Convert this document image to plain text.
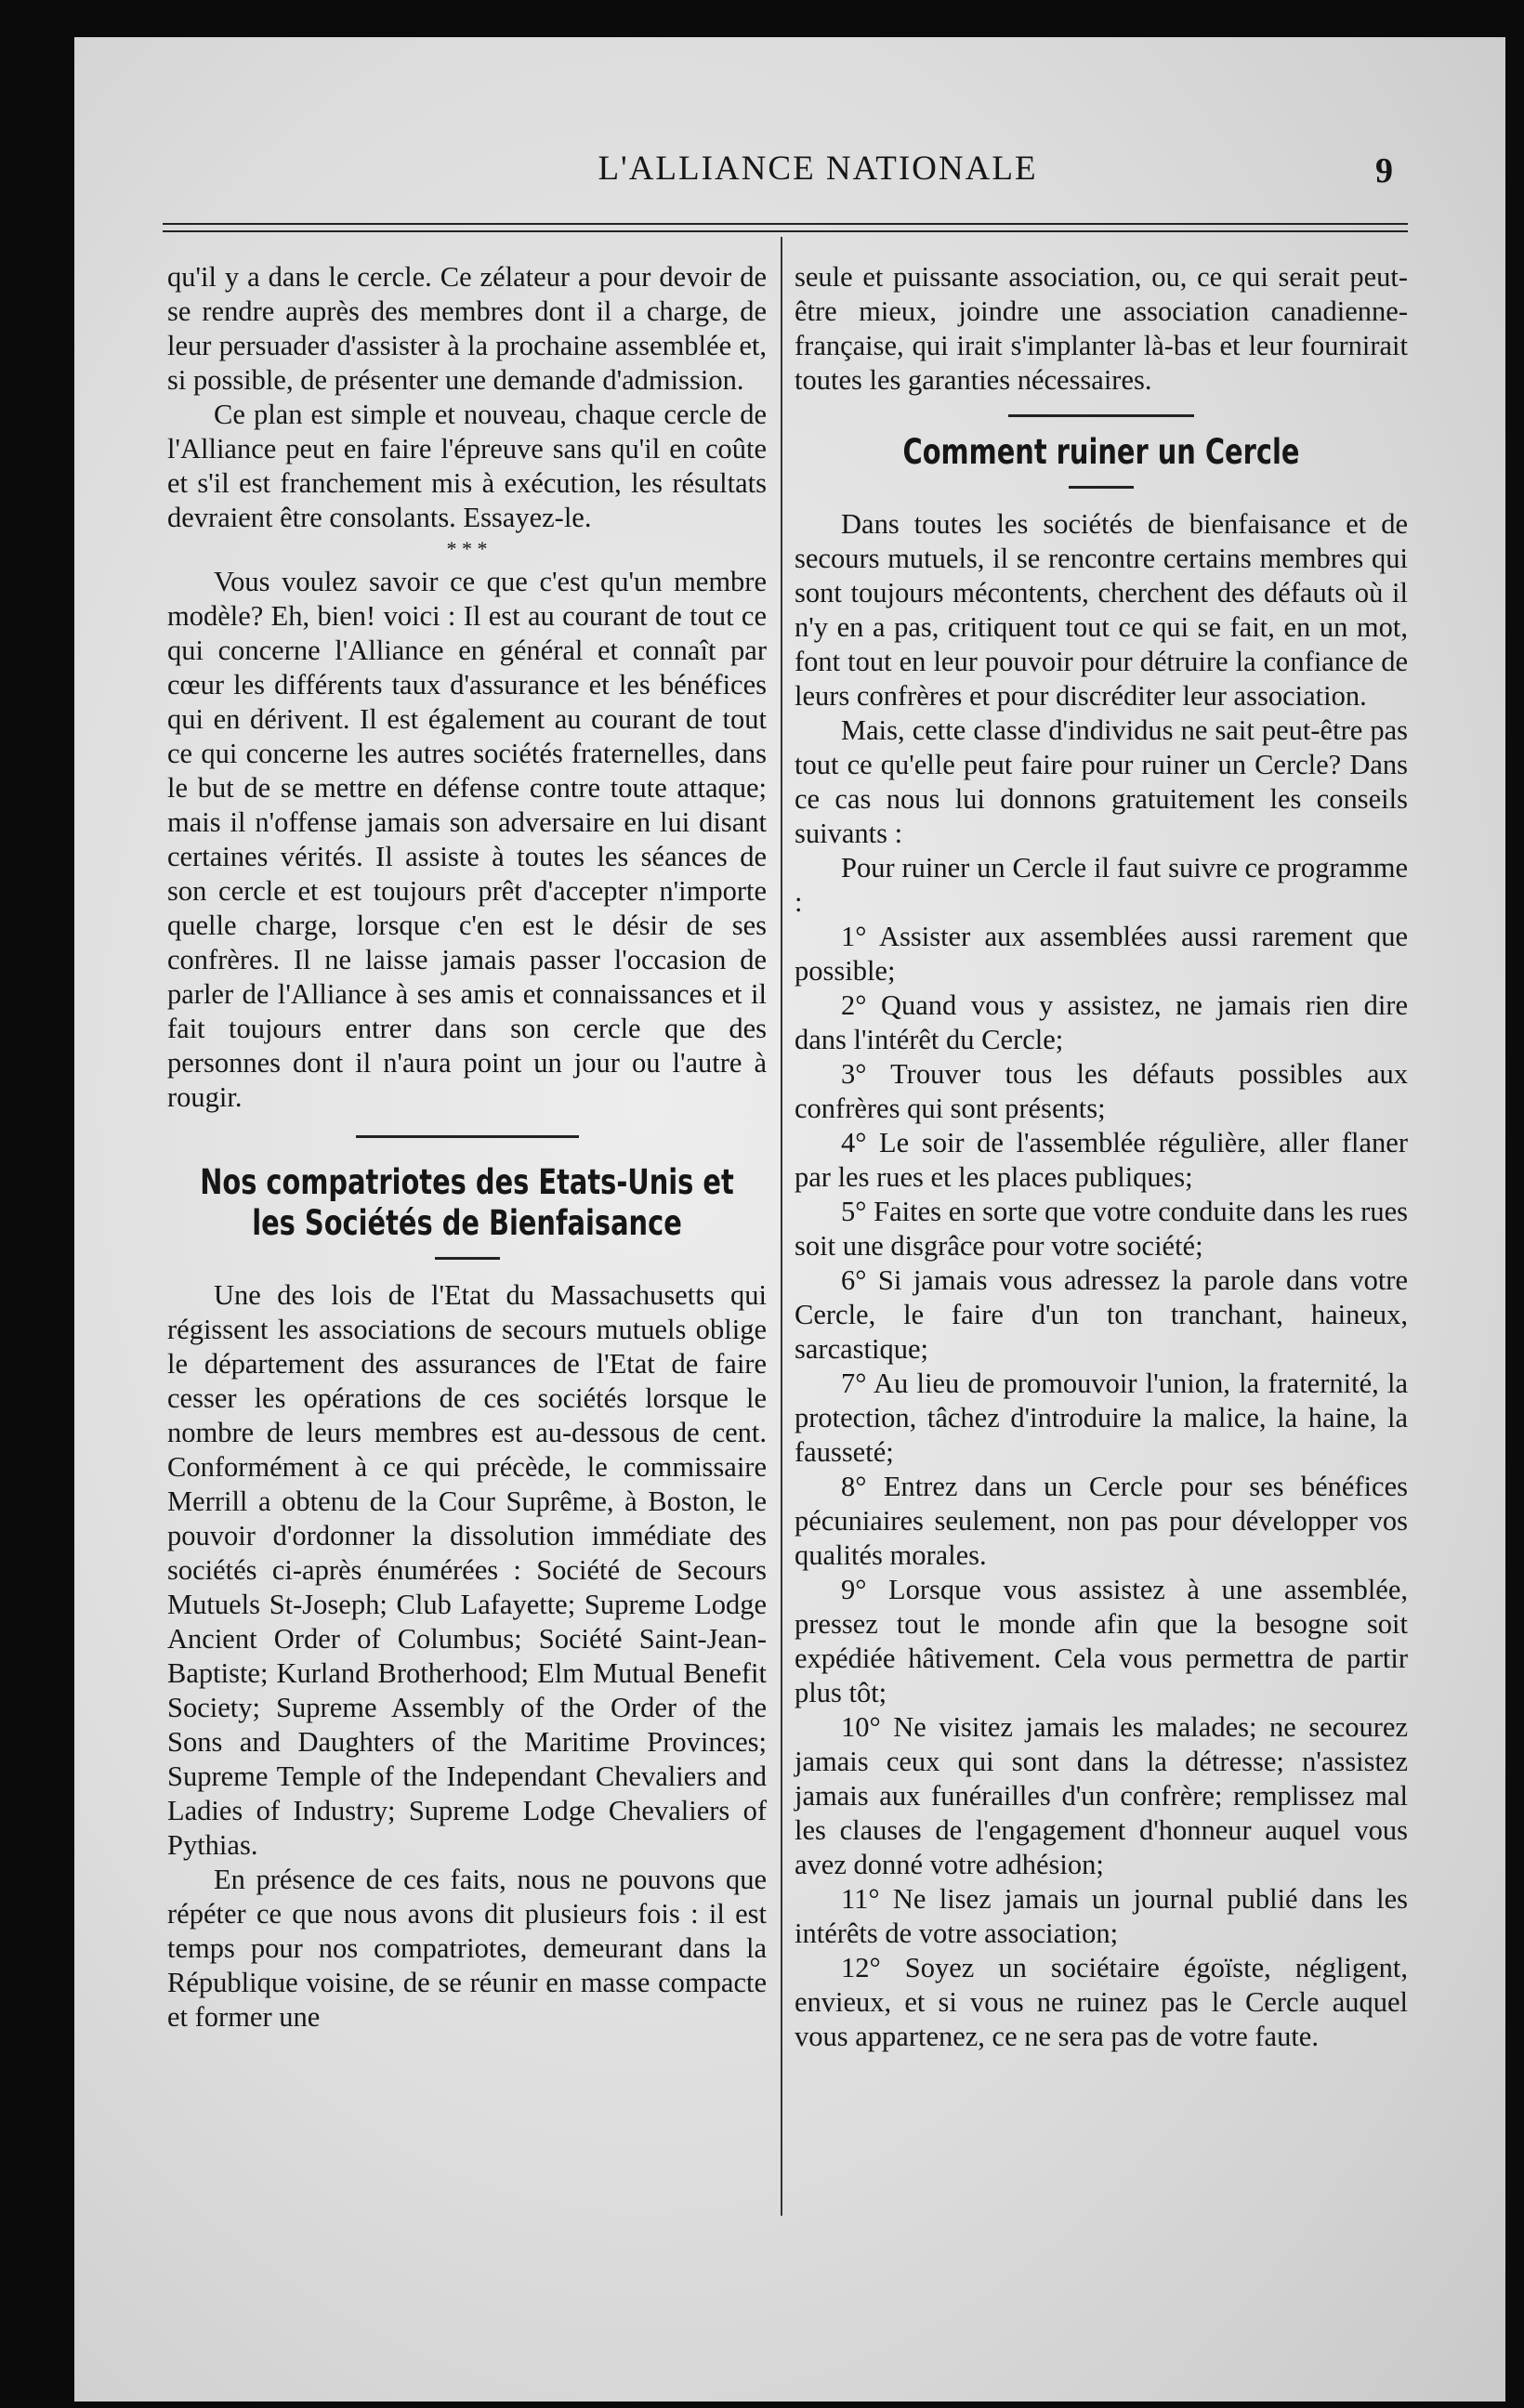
L'ALLIANCE NATIONALE	9

qu'il y a dans le cercle. Ce zélateur a pour devoir de se rendre auprès des membres dont il a charge, de leur persuader d'assister à la prochaine assemblée et, si possible, de présenter une demande d'admission.

Ce plan est simple et nouveau, chaque cercle de l'Alliance peut en faire l'épreuve sans qu'il en coûte et s'il est franchement mis à exécution, les résultats devraient être consolants. Essayez-le.

* * *

Vous voulez savoir ce que c'est qu'un membre modèle? Eh, bien! voici : Il est au courant de tout ce qui concerne l'Alliance en général et connaît par cœur les différents taux d'assurance et les bénéfices qui en dérivent. Il est également au courant de tout ce qui concerne les autres sociétés fraternelles, dans le but de se mettre en défense contre toute attaque; mais il n'offense jamais son adversaire en lui disant certaines vérités. Il assiste à toutes les séances de son cercle et est toujours prêt d'accepter n'importe quelle charge, lorsque c'en est le désir de ses confrères. Il ne laisse jamais passer l'occasion de parler de l'Alliance à ses amis et connaissances et il fait toujours entrer dans son cercle que des personnes dont il n'aura point un jour ou l'autre à rougir.

Nos compatriotes des Etats-Unis et les Sociétés de Bienfaisance

Une des lois de l'Etat du Massachusetts qui régissent les associations de secours mutuels oblige le département des assurances de l'Etat de faire cesser les opérations de ces sociétés lorsque le nombre de leurs membres est au-dessous de cent. Conformément à ce qui précède, le commissaire Merrill a obtenu de la Cour Suprême, à Boston, le pouvoir d'ordonner la dissolution immédiate des sociétés ci-après énumérées : Société de Secours Mutuels St-Joseph; Club Lafayette; Supreme Lodge Ancient Order of Columbus; Société Saint-Jean-Baptiste; Kurland Brotherhood; Elm Mutual Benefit Society; Supreme Assembly of the Order of the Sons and Daughters of the Maritime Provinces; Supreme Temple of the Independant Chevaliers and Ladies of Industry; Supreme Lodge Chevaliers of Pythias.

En présence de ces faits, nous ne pouvons que répéter ce que nous avons dit plusieurs fois : il est temps pour nos compatriotes, demeurant dans la République voisine, de se réunir en masse compacte et former une

seule et puissante association, ou, ce qui serait peut-être mieux, joindre une association canadienne-française, qui irait s'implanter là-bas et leur fournirait toutes les garanties nécessaires.

Comment ruiner un Cercle

Dans toutes les sociétés de bienfaisance et de secours mutuels, il se rencontre certains membres qui sont toujours mécontents, cherchent des défauts où il n'y en a pas, critiquent tout ce qui se fait, en un mot, font tout en leur pouvoir pour détruire la confiance de leurs confrères et pour discréditer leur association.

Mais, cette classe d'individus ne sait peut-être pas tout ce qu'elle peut faire pour ruiner un Cercle? Dans ce cas nous lui donnons gratuitement les conseils suivants :

Pour ruiner un Cercle il faut suivre ce programme :

1° Assister aux assemblées aussi rarement que possible;

2° Quand vous y assistez, ne jamais rien dire dans l'intérêt du Cercle;

3° Trouver tous les défauts possibles aux confrères qui sont présents;

4° Le soir de l'assemblée régulière, aller flaner par les rues et les places publiques;

5° Faites en sorte que votre conduite dans les rues soit une disgrâce pour votre société;

6° Si jamais vous adressez la parole dans votre Cercle, le faire d'un ton tranchant, haineux, sarcastique;

7° Au lieu de promouvoir l'union, la fraternité, la protection, tâchez d'introduire la malice, la haine, la fausseté;

8° Entrez dans un Cercle pour ses bénéfices pécuniaires seulement, non pas pour développer vos qualités morales.

9° Lorsque vous assistez à une assemblée, pressez tout le monde afin que la besogne soit expédiée hâtivement. Cela vous permettra de partir plus tôt;

10° Ne visitez jamais les malades; ne secourez jamais ceux qui sont dans la détresse; n'assistez jamais aux funérailles d'un confrère; remplissez mal les clauses de l'engagement d'honneur auquel vous avez donné votre adhésion;

11° Ne lisez jamais un journal publié dans les intérêts de votre association;

12° Soyez un sociétaire égoïste, négligent, envieux, et si vous ne ruinez pas le Cercle auquel vous appartenez, ce ne sera pas de votre faute.
